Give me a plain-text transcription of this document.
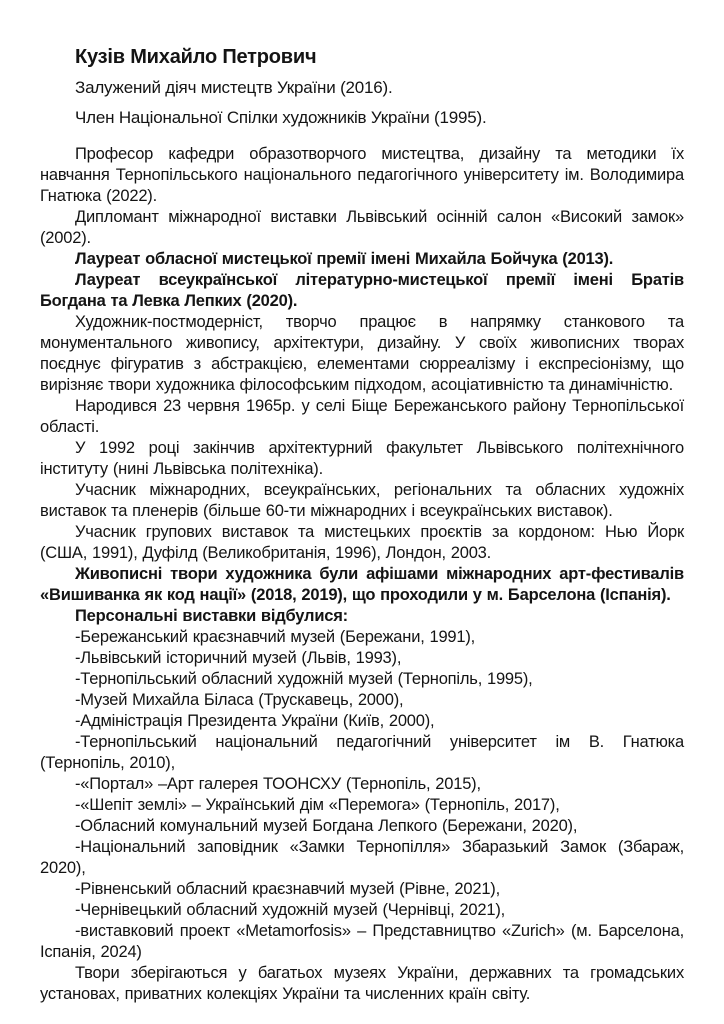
Кузів Михайло Петрович

Залужений діяч мистецтв України (2016).

Член Національної Спілки художників України (1995).

Професор кафедри образотворчого мистецтва, дизайну та методики їх навчання Тернопільського національного педагогічного університету ім. Володимира Гнатюка (2022).

Дипломант міжнародної виставки Львівський осінній салон «Високий замок» (2002).

Лауреат обласної мистецької премії імені Михайла Бойчука (2013).

Лауреат всеукраїнської літературно-мистецької премії імені Братів Богдана та Левка Лепких (2020).

Художник-постмодерніст, творчо працює в напрямку станкового та монументального живопису, архітектури, дизайну. У своїх живописних творах поєднує фігуратив з абстракцією, елементами сюрреалізму і експресіонізму, що вирізняє твори художника філософським підходом, асоціативністю та динамічністю.

Народився 23 червня 1965р. у селі Біще Бережанського району Тернопільської області.

У 1992 році закінчив архітектурний факультет Львівського політехнічного інституту (нині Львівська політехніка).

Учасник міжнародних, всеукраїнських, регіональних та обласних художніх виставок та пленерів (більше 60-ти міжнародних і всеукраїнських виставок).

Учасник групових виставок та мистецьких проєктів за кордоном: Нью Йорк (США, 1991), Дуфілд (Великобританія, 1996), Лондон, 2003.

Живописні твори художника були афішами міжнародних арт-фестивалів «Вишиванка як код нації» (2018, 2019), що проходили у м. Барселона (Іспанія).

Персональні виставки відбулися:

-Бережанський краєзнавчий музей (Бережани, 1991),

-Львівський історичний музей (Львів, 1993),

-Тернопільський обласний художній музей (Тернопіль, 1995),

-Музей Михайла Біласа (Трускавець, 2000),

-Адміністрація Президента України (Київ, 2000),

-Тернопільський національний педагогічний університет ім В. Гнатюка (Тернопіль, 2010),

-«Портал» –Арт галерея ТООНСХУ (Тернопіль, 2015),

-«Шепіт землі» – Український дім «Перемога» (Тернопіль, 2017),

-Обласний комунальний музей Богдана Лепкого (Бережани, 2020),

-Національний заповідник «Замки Тернопілля» Збаразький Замок (Збараж, 2020),

-Рівненський обласний краєзнавчий музей (Рівне, 2021),

-Чернівецький обласний художній музей (Чернівці, 2021),

-виставковий проект «Metamorfosis» – Представництво «Zurich» (м. Барселона, Іспанія, 2024)

Твори зберігаються у багатьох музеях України, державних та громадських установах, приватних колекціях України та численних країн світу.
